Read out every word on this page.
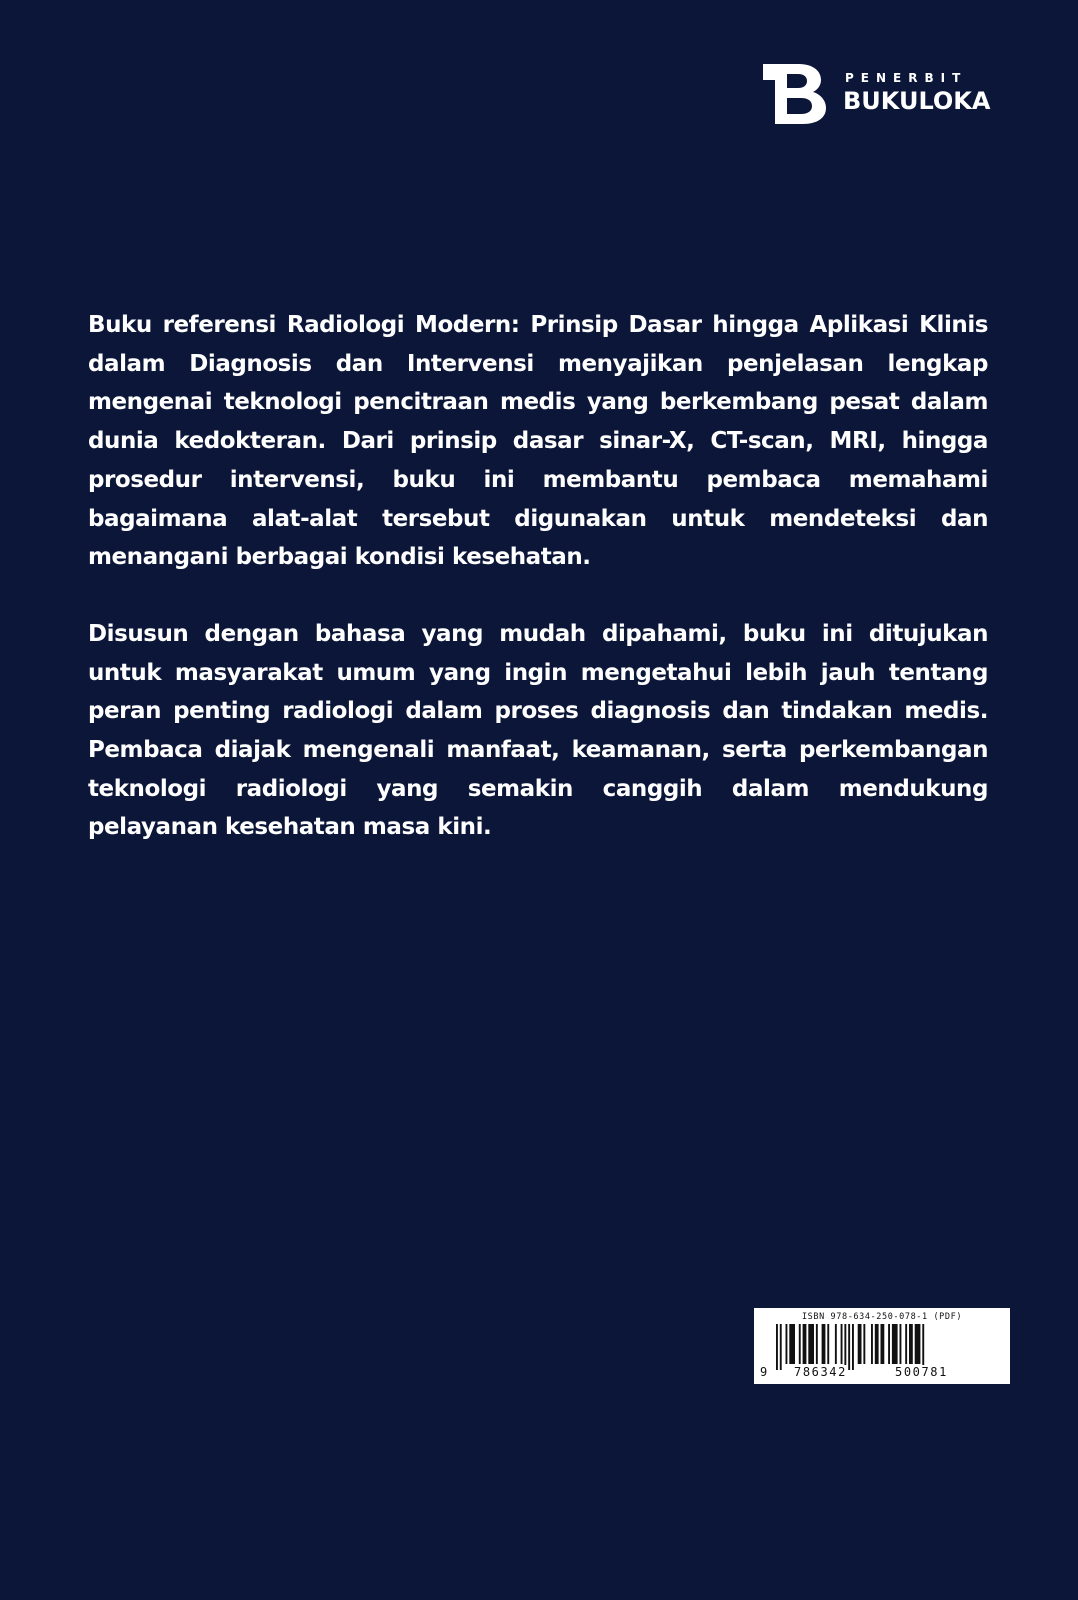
PENERBIT
BUKULOKA

Buku referensi Radiologi Modern: Prinsip Dasar hingga Aplikasi Klinis dalam Diagnosis dan Intervensi menyajikan penjelasan lengkap mengenai teknologi pencitraan medis yang berkembang pesat dalam dunia kedokteran. Dari prinsip dasar sinar-X, CT-scan, MRI, hingga prosedur intervensi, buku ini membantu pembaca memahami bagaimana alat-alat tersebut digunakan untuk mendeteksi dan menangani berbagai kondisi kesehatan.

Disusun dengan bahasa yang mudah dipahami, buku ini ditujukan untuk masyarakat umum yang ingin mengetahui lebih jauh tentang peran penting radiologi dalam proses diagnosis dan tindakan medis. Pembaca diajak mengenali manfaat, keamanan, serta perkembangan teknologi radiologi yang semakin canggih dalam mendukung pelayanan kesehatan masa kini.

ISBN 978-634-250-078-1 (PDF)
9 786342	500781
